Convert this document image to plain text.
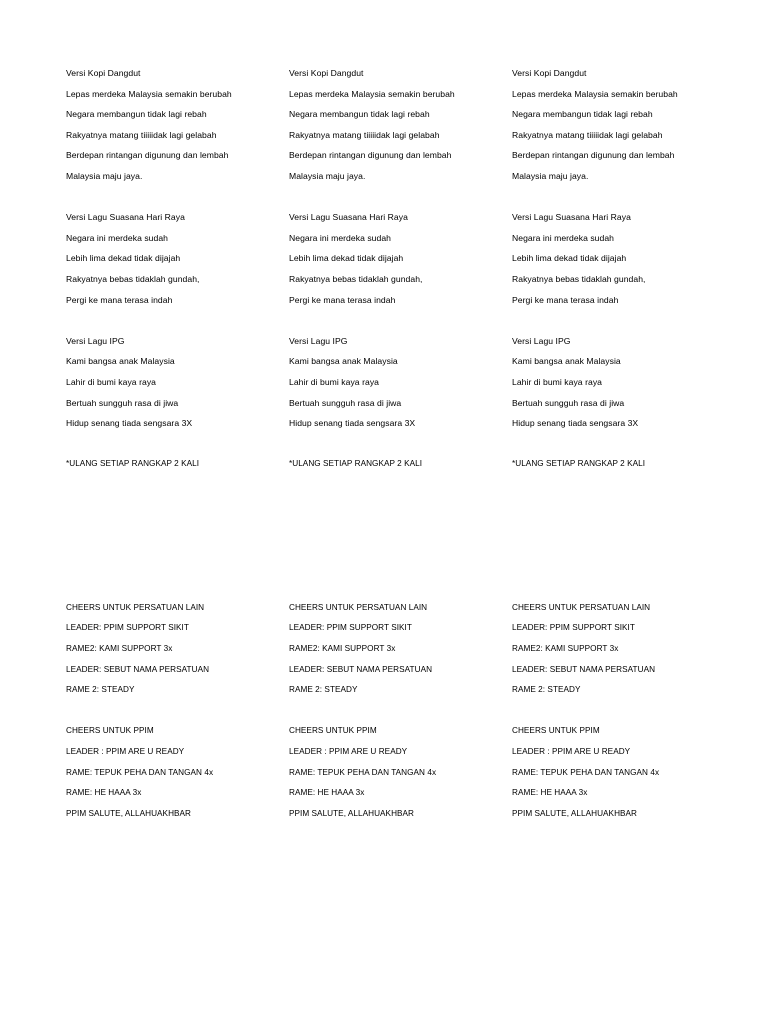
Versi Kopi Dangdut
Lepas merdeka Malaysia semakin berubah
Negara membangun tidak lagi rebah
Rakyatnya matang tiiiiidak lagi gelabah
Berdepan rintangan digunung dan lembah
Malaysia maju jaya.
Versi Lagu Suasana Hari Raya
Negara ini merdeka sudah
Lebih lima dekad tidak dijajah
Rakyatnya bebas tidaklah gundah,
Pergi ke mana terasa indah
Versi Lagu IPG
Kami bangsa anak Malaysia
Lahir di bumi kaya raya
Bertuah sungguh rasa di jiwa
Hidup senang tiada sengsara 3X
*ULANG SETIAP RANGKAP 2 KALI
CHEERS UNTUK PERSATUAN LAIN
LEADER: PPIM SUPPORT SIKIT
RAME2: KAMI SUPPORT 3x
LEADER: SEBUT NAMA PERSATUAN
RAME 2: STEADY
CHEERS UNTUK PPIM
LEADER : PPIM ARE U READY
RAME: TEPUK PEHA DAN TANGAN 4x
RAME: HE HAAA 3x
PPIM SALUTE, ALLAHUAKHBAR
Versi Kopi Dangdut
Lepas merdeka Malaysia semakin berubah
Negara membangun tidak lagi rebah
Rakyatnya matang tiiiiidak lagi gelabah
Berdepan rintangan digunung dan lembah
Malaysia maju jaya.
Versi Lagu Suasana Hari Raya
Negara ini merdeka sudah
Lebih lima dekad tidak dijajah
Rakyatnya bebas tidaklah gundah,
Pergi ke mana terasa indah
Versi Lagu IPG
Kami bangsa anak Malaysia
Lahir di bumi kaya raya
Bertuah sungguh rasa di jiwa
Hidup senang tiada sengsara 3X
*ULANG SETIAP RANGKAP 2 KALI
CHEERS UNTUK PERSATUAN LAIN
LEADER: PPIM SUPPORT SIKIT
RAME2: KAMI SUPPORT 3x
LEADER: SEBUT NAMA PERSATUAN
RAME 2: STEADY
CHEERS UNTUK PPIM
LEADER : PPIM ARE U READY
RAME: TEPUK PEHA DAN TANGAN 4x
RAME: HE HAAA 3x
PPIM SALUTE, ALLAHUAKHBAR
Versi Kopi Dangdut
Lepas merdeka Malaysia semakin berubah
Negara membangun tidak lagi rebah
Rakyatnya matang tiiiiidak lagi gelabah
Berdepan rintangan digunung dan lembah
Malaysia maju jaya.
Versi Lagu Suasana Hari Raya
Negara ini merdeka sudah
Lebih lima dekad tidak dijajah
Rakyatnya bebas tidaklah gundah,
Pergi ke mana terasa indah
Versi Lagu IPG
Kami bangsa anak Malaysia
Lahir di bumi kaya raya
Bertuah sungguh rasa di jiwa
Hidup senang tiada sengsara 3X
*ULANG SETIAP RANGKAP 2 KALI
CHEERS UNTUK PERSATUAN LAIN
LEADER: PPIM SUPPORT SIKIT
RAME2: KAMI SUPPORT 3x
LEADER: SEBUT NAMA PERSATUAN
RAME 2: STEADY
CHEERS UNTUK PPIM
LEADER : PPIM ARE U READY
RAME: TEPUK PEHA DAN TANGAN 4x
RAME: HE HAAA 3x
PPIM SALUTE, ALLAHUAKHBAR
